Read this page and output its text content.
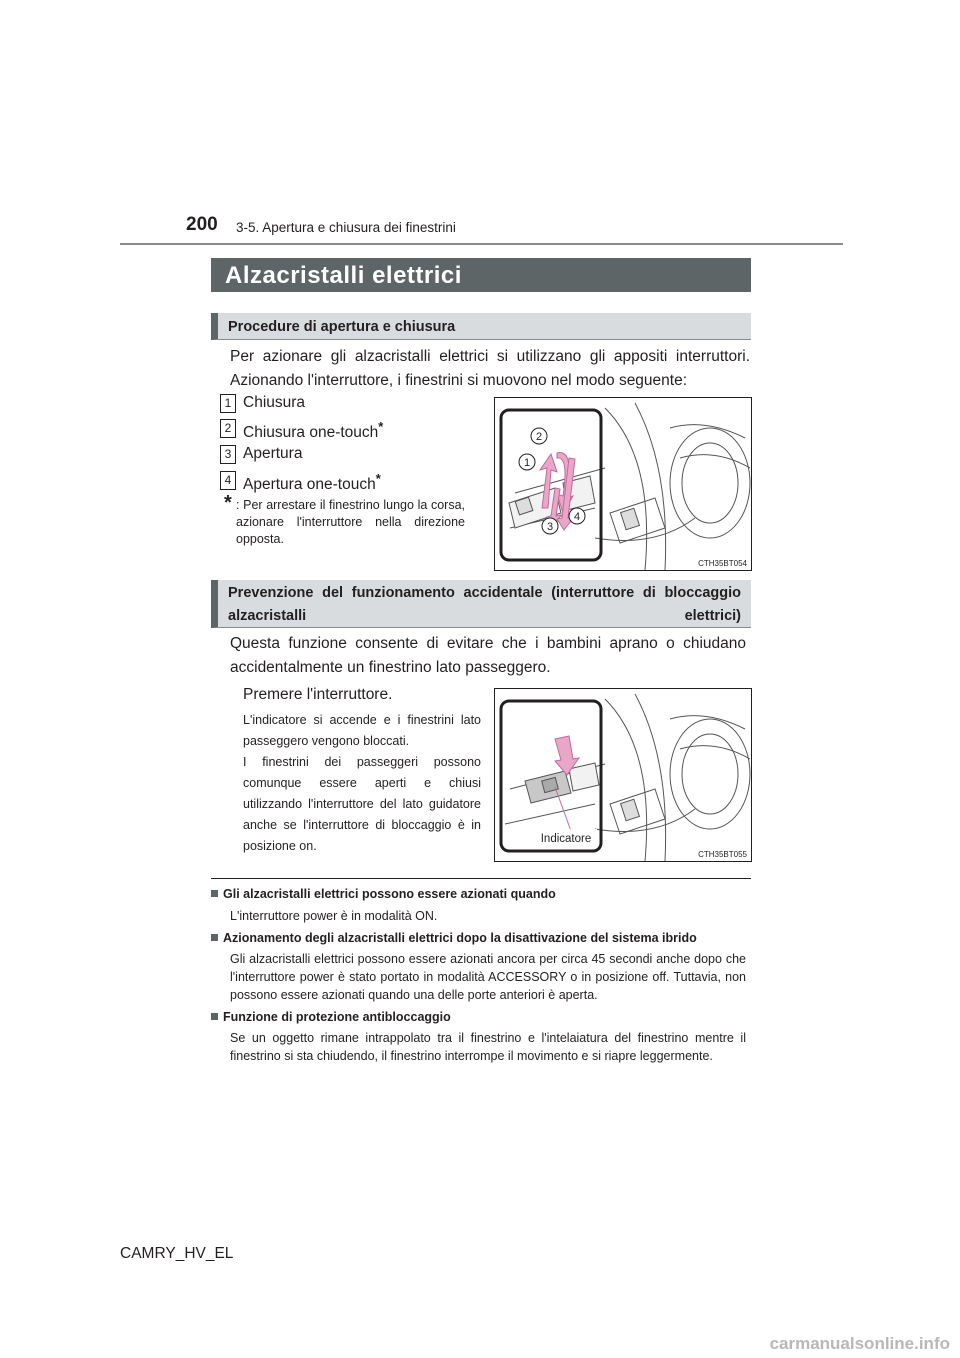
200 3-5. Apertura e chiusura dei finestrini
Alzacristalli elettrici
Procedure di apertura e chiusura
Per azionare gli alzacristalli elettrici si utilizzano gli appositi interruttori. Azionando l'interruttore, i finestrini si muovono nel modo seguente:
1 Chiusura
2 Chiusura one-touch*
3 Apertura
4 Apertura one-touch*
* : Per arrestare il finestrino lungo la corsa, azionare l'interruttore nella direzione opposta.
2
1
3
4
CTH35BT054
Prevenzione del funzionamento accidentale (interruttore di bloccaggio alzacristalli elettrici)
Questa funzione consente di evitare che i bambini aprano o chiudano accidentalmente un finestrino lato passeggero.
Premere l'interruttore.
L'indicatore si accende e i finestrini lato passeggero vengono bloccati.
I finestrini dei passeggeri possono comunque essere aperti e chiusi utilizzando l'interruttore del lato guidatore anche se l'interruttore di bloccaggio è in posizione on.	Indicatore
CTH35BT055
Gli alzacristalli elettrici possono essere azionati quando
L'interruttore power è in modalità ON.
Azionamento degli alzacristalli elettrici dopo la disattivazione del sistema ibrido
Gli alzacristalli elettrici possono essere azionati ancora per circa 45 secondi anche dopo che l'interruttore power è stato portato in modalità ACCESSORY o in posizione off. Tuttavia, non possono essere azionati quando una delle porte anteriori è aperta.
Funzione di protezione antibloccaggio
Se un oggetto rimane intrappolato tra il finestrino e l'intelaiatura del finestrino mentre il finestrino si sta chiudendo, il finestrino interrompe il movimento e si riapre leggermente.
CAMRY_HV_EL
carmanualsonline.info
